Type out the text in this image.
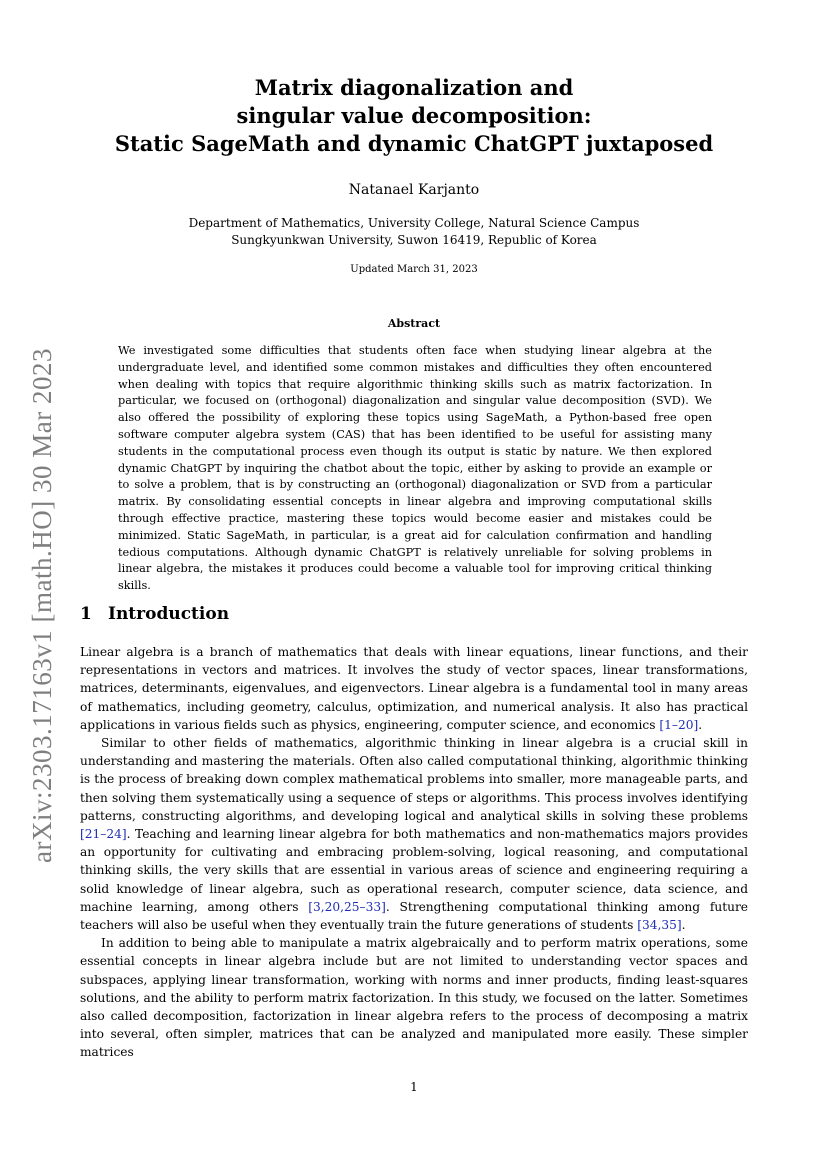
arXiv:2303.17163v1 [math.HO] 30 Mar 2023
Matrix diagonalization and
singular value decomposition:
Static SageMath and dynamic ChatGPT juxtaposed
Natanael Karjanto
Department of Mathematics, University College, Natural Science Campus
Sungkyunkwan University, Suwon 16419, Republic of Korea
Updated March 31, 2023
Abstract
We investigated some difficulties that students often face when studying linear algebra at the undergraduate level, and identified some common mistakes and difficulties they often encountered when dealing with topics that require algorithmic thinking skills such as matrix factorization. In particular, we focused on (orthogonal) diagonalization and singular value decomposition (SVD). We also offered the possibility of exploring these topics using SageMath, a Python-based free open software computer algebra system (CAS) that has been identified to be useful for assisting many students in the computational process even though its output is static by nature. We then explored dynamic ChatGPT by inquiring the chatbot about the topic, either by asking to provide an example or to solve a problem, that is by constructing an (orthogonal) diagonalization or SVD from a particular matrix. By consolidating essential concepts in linear algebra and improving computational skills through effective practice, mastering these topics would become easier and mistakes could be minimized. Static SageMath, in particular, is a great aid for calculation confirmation and handling tedious computations. Although dynamic ChatGPT is relatively unreliable for solving problems in linear algebra, the mistakes it produces could become a valuable tool for improving critical thinking skills.
1 Introduction

Linear algebra is a branch of mathematics that deals with linear equations, linear functions, and their representations in vectors and matrices. It involves the study of vector spaces, linear transformations, matrices, determinants, eigenvalues, and eigenvectors. Linear algebra is a fundamental tool in many areas of mathematics, including geometry, calculus, optimization, and numerical analysis. It also has practical applications in various fields such as physics, engineering, computer science, and economics [1–20].

Similar to other fields of mathematics, algorithmic thinking in linear algebra is a crucial skill in understanding and mastering the materials. Often also called computational thinking, algorithmic thinking is the process of breaking down complex mathematical problems into smaller, more manageable parts, and then solving them systematically using a sequence of steps or algorithms. This process involves identifying patterns, constructing algorithms, and developing logical and analytical skills in solving these problems [21–24]. Teaching and learning linear algebra for both mathematics and non-mathematics majors provides an opportunity for cultivating and embracing problem-solving, logical reasoning, and computational thinking skills, the very skills that are essential in various areas of science and engineering requiring a solid knowledge of linear algebra, such as operational research, computer science, data science, and machine learning, among others [3,20,25–33]. Strengthening computational thinking among future teachers will also be useful when they eventually train the future generations of students [34,35].

In addition to being able to manipulate a matrix algebraically and to perform matrix operations, some essential concepts in linear algebra include but are not limited to understanding vector spaces and subspaces, applying linear transformation, working with norms and inner products, finding least-squares solutions, and the ability to perform matrix factorization. In this study, we focused on the latter. Sometimes also called decomposition, factorization in linear algebra refers to the process of decomposing a matrix into several, often simpler, matrices that can be analyzed and manipulated more easily. These simpler matrices

1
